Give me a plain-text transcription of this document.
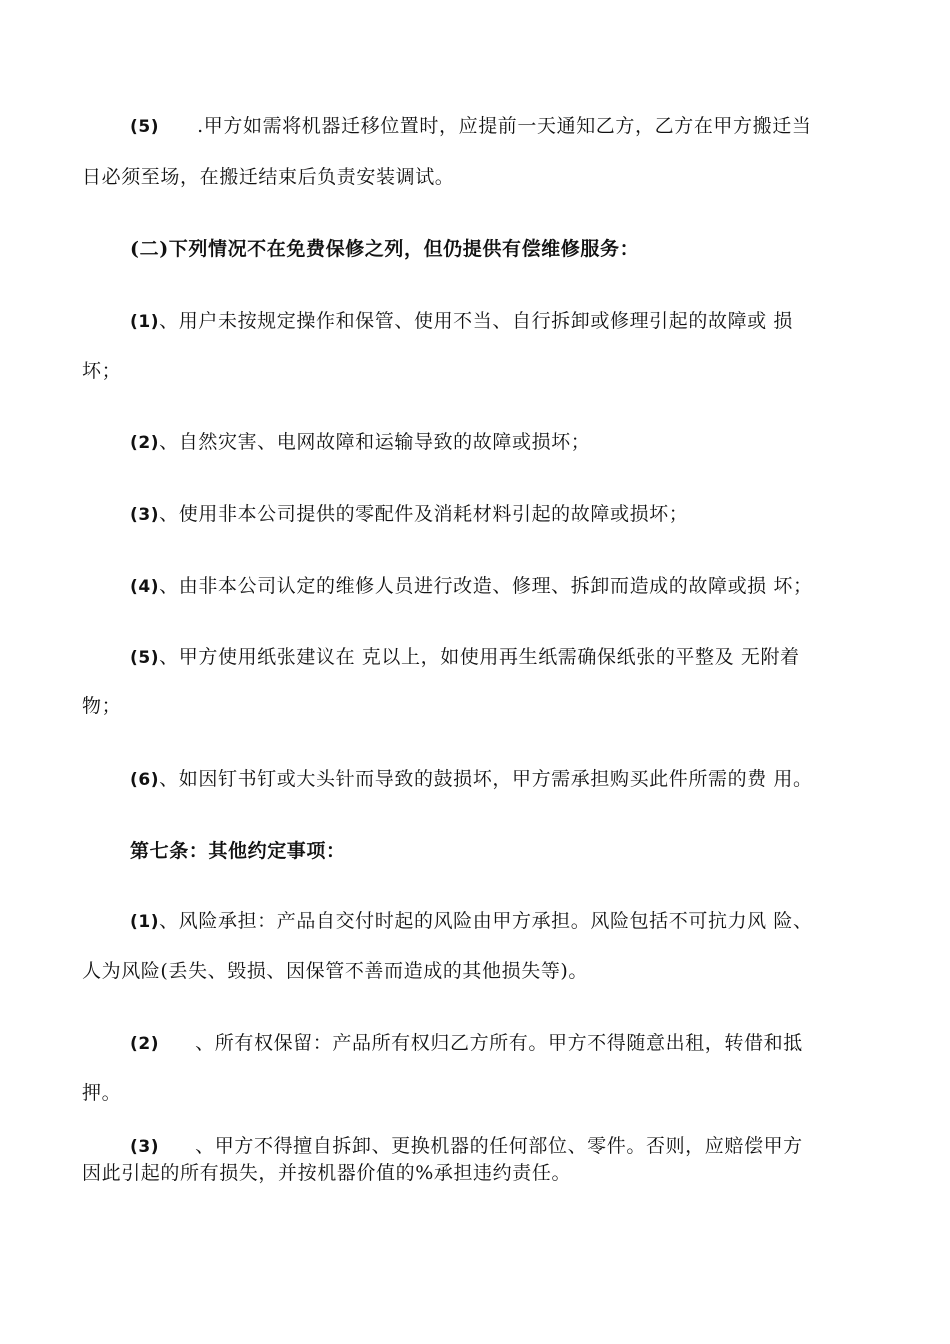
(5) .甲方如需将机器迁移位置时，应提前一天通知乙方，乙方在甲方搬迁当
日必须至场，在搬迁结束后负责安装调试。
(二)下列情况不在免费保修之列，但仍提供有偿维修服务：
(1)、用户未按规定操作和保管、使用不当、自行拆卸或修理引起的故障或 损
坏；
(2)、自然灾害、电网故障和运输导致的故障或损坏；
(3)、使用非本公司提供的零配件及消耗材料引起的故障或损坏；
(4)、由非本公司认定的维修人员进行改造、修理、拆卸而造成的故障或损 坏；
(5)、甲方使用纸张建议在 克以上，如使用再生纸需确保纸张的平整及 无附着
物；
(6)、如因钉书钉或大头针而导致的鼓损坏，甲方需承担购买此件所需的费 用。
第七条：其他约定事项：
(1)、风险承担：产品自交付时起的风险由甲方承担。风险包括不可抗力风 险、
人为风险(丢失、毁损、因保管不善而造成的其他损失等)。
(2) 、所有权保留：产品所有权归乙方所有。甲方不得随意出租，转借和抵
押。
(3) 、甲方不得擅自拆卸、更换机器的任何部位、零件。否则，应赔偿甲方
因此引起的所有损失，并按机器价值的%承担违约责任。
